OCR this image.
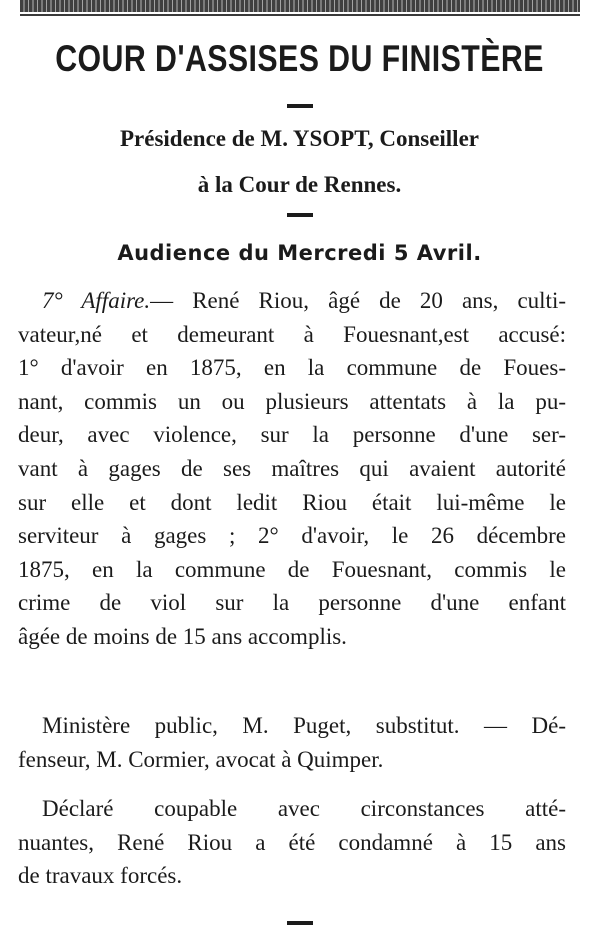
COUR D'ASSISES DU FINISTÈRE
Présidence de M. YSOPT, Conseiller
à la Cour de Rennes.
Audience du Mercredi 5 Avril.
7° Affaire.— René Riou, âgé de 20 ans, culti-
vateur,né et demeurant à Fouesnant,est accusé:
1° d'avoir en 1875, en la commune de Foues-
nant, commis un ou plusieurs attentats à la pu-
deur, avec violence, sur la personne d'une ser-
vant à gages de ses maîtres qui avaient autorité
sur elle et dont ledit Riou était lui-même le
serviteur à gages ; 2° d'avoir, le 26 décembre
1875, en la commune de Fouesnant, commis le
crime de viol sur la personne d'une enfant
âgée de moins de 15 ans accomplis.
Ministère public, M. Puget, substitut. — Dé-
fenseur, M. Cormier, avocat à Quimper.
Déclaré coupable avec circonstances atté-
nuantes, René Riou a été condamné à 15 ans
de travaux forcés.
